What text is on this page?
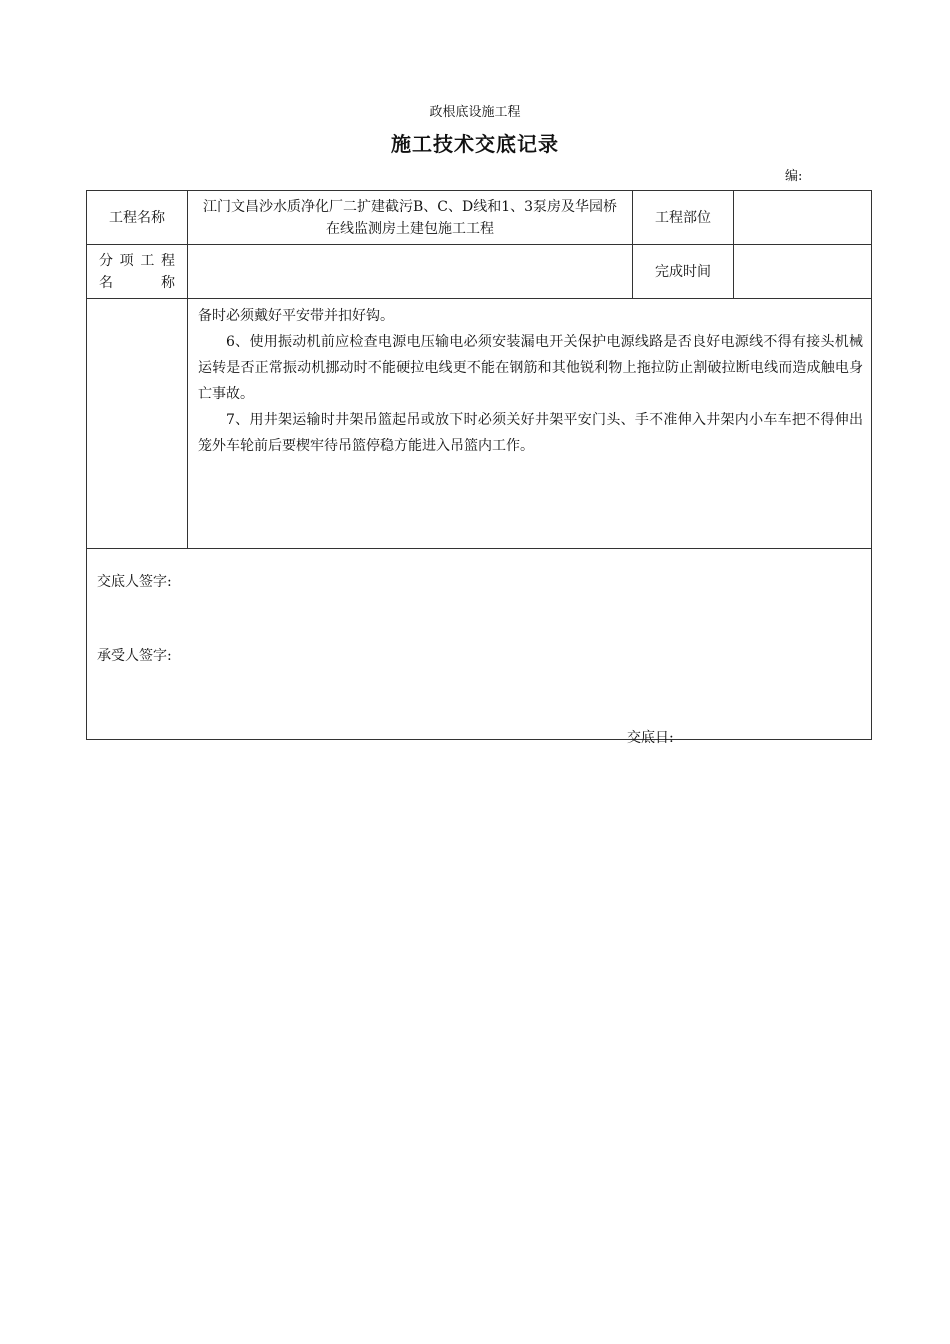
政根底设施工程
施工技术交底记录
编:
工程名称	江门文昌沙水质净化厂二扩建截污B、C、D线和1、3泵房及华园桥在线监测房土建包施工工程	工程部位	

分项工程
名 称		完成时间	

	备时必须戴好平安带并扣好钩。

6、使用振动机前应检查电源电压输电必须安装漏电开关保护电源线路是否良好电源线不得有接头机械运转是否正常振动机挪动时不能硬拉电线更不能在钢筋和其他锐利物上拖拉防止割破拉断电线而造成触电身亡事故。

7、用井架运输时井架吊篮起吊或放下时必须关好井架平安门头、手不准伸入井架内小车车把不得伸出笼外车轮前后要楔牢待吊篮停稳方能进入吊篮内工作。		

交底人签字:
承受人签字:
交底日:			
